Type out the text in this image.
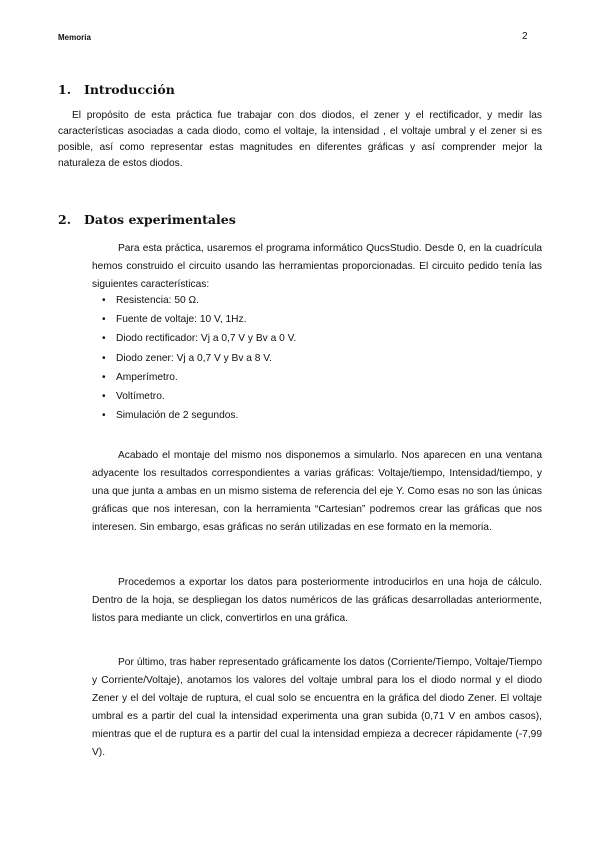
Memoria	2
1. Introducción

El propósito de esta práctica fue trabajar con dos diodos, el zener y el rectificador, y medir las características asociadas a cada diodo, como el voltaje, la intensidad , el voltaje umbral y el zener si es posible, así como representar estas magnitudes en diferentes gráficas y así comprender mejor la naturaleza de estos diodos.

2. Datos experimentales

Para esta práctica, usaremos el programa informático QucsStudio. Desde 0, en la cuadrícula hemos construido el circuito usando las herramientas proporcionadas. El circuito pedido tenía las siguientes características:

• Resistencia: 50 Ω.
• Fuente de voltaje: 10 V, 1Hz.
• Diodo rectificador: Vj a 0,7 V y Bv a 0 V.
• Diodo zener: Vj a 0,7 V y Bv a 8 V.
• Amperímetro.
• Voltímetro.
• Simulación de 2 segundos.

Acabado el montaje del mismo nos disponemos a simularlo. Nos aparecen en una ventana adyacente los resultados correspondientes a varias gráficas: Voltaje/tiempo, Intensidad/tiempo, y una que junta a ambas en un mismo sistema de referencia del eje Y. Como esas no son las únicas gráficas que nos interesan, con la herramienta “Cartesian” podremos crear las gráficas que nos interesen. Sin embargo, esas gráficas no serán utilizadas en ese formato en la memoria.

Procedemos a exportar los datos para posteriormente introducirlos en una hoja de cálculo. Dentro de la hoja, se despliegan los datos numéricos de las gráficas desarrolladas anteriormente, listos para mediante un click, convertirlos en una gráfica.

Por último, tras haber representado gráficamente los datos (Corriente/Tiempo, Voltaje/Tiempo y Corriente/Voltaje), anotamos los valores del voltaje umbral para los el diodo normal y el diodo Zener y el del voltaje de ruptura, el cual solo se encuentra en la gráfica del diodo Zener. El voltaje umbral es a partir del cual la intensidad experimenta una gran subida (0,71 V en ambos casos), mientras que el de ruptura es a partir del cual la intensidad empieza a decrecer rápidamente (-7,99 V).
